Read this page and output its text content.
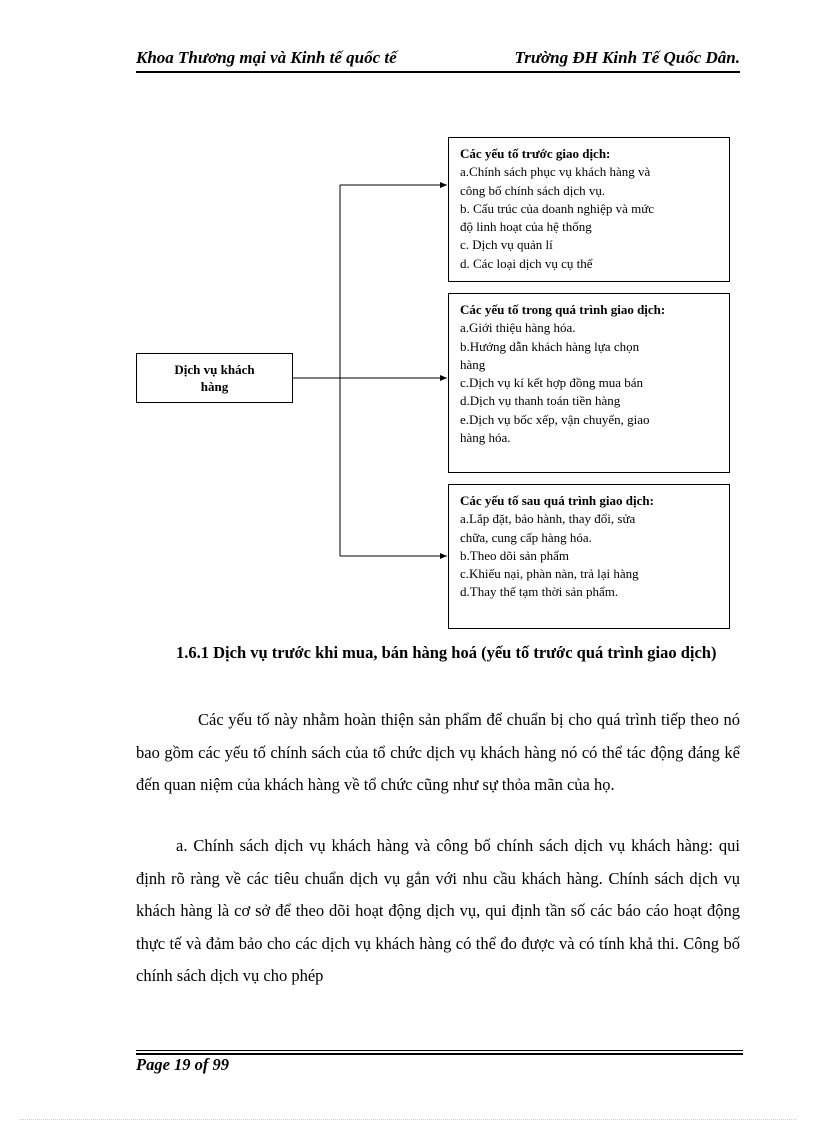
Khoa Thương mại và Kinh tế quốc tế	Trường ĐH Kinh Tế Quốc Dân.
Dịch vụ khách
hàng
Các yếu tố trước giao dịch:
a.Chính sách phục vụ khách hàng và
công bố chính sách dịch vụ.
b. Cấu trúc của doanh nghiệp và mức
độ linh hoạt của hệ thống
c. Dịch vụ quản lí
d. Các loại dịch vụ cụ thể
Các yếu tố trong quá trình giao dịch:
a.Giới thiệu hàng hóa.
b.Hướng dẫn khách hàng lựa chọn
hàng
c.Dịch vụ kí kết hợp đồng mua bán
d.Dịch vụ thanh toán tiền hàng
e.Dịch vụ bốc xếp, vận chuyển, giao
hàng hóa.
Các yếu tố sau quá trình giao dịch:
a.Lắp đặt, bảo hành, thay đổi, sửa
chữa, cung cấp hàng hóa.
b.Theo dõi sản phẩm
c.Khiếu nại, phàn nàn, trả lại hàng
d.Thay thế tạm thời sản phẩm.
1.6.1 Dịch vụ trước khi mua, bán hàng hoá (yếu tố trước quá trình giao dịch)
Các yếu tố này nhằm hoàn thiện sản phẩm để chuẩn bị cho quá trình tiếp theo nó bao gồm các yếu tố chính sách của tổ chức dịch vụ khách hàng nó có thể tác động đáng kể đến quan niệm của khách hàng về tổ chức cũng như sự thỏa mãn của họ.
a. Chính sách dịch vụ khách hàng và công bố chính sách dịch vụ khách hàng: qui định rõ ràng về các tiêu chuẩn dịch vụ gắn với nhu cầu khách hàng. Chính sách dịch vụ khách hàng là cơ sở để theo dõi hoạt động dịch vụ, qui định tần số các báo cáo hoạt động thực tế và đảm bảo cho các dịch vụ khách hàng có thể đo được và có tính khả thi. Công bố chính sách dịch vụ cho phép
Page 19 of 99
